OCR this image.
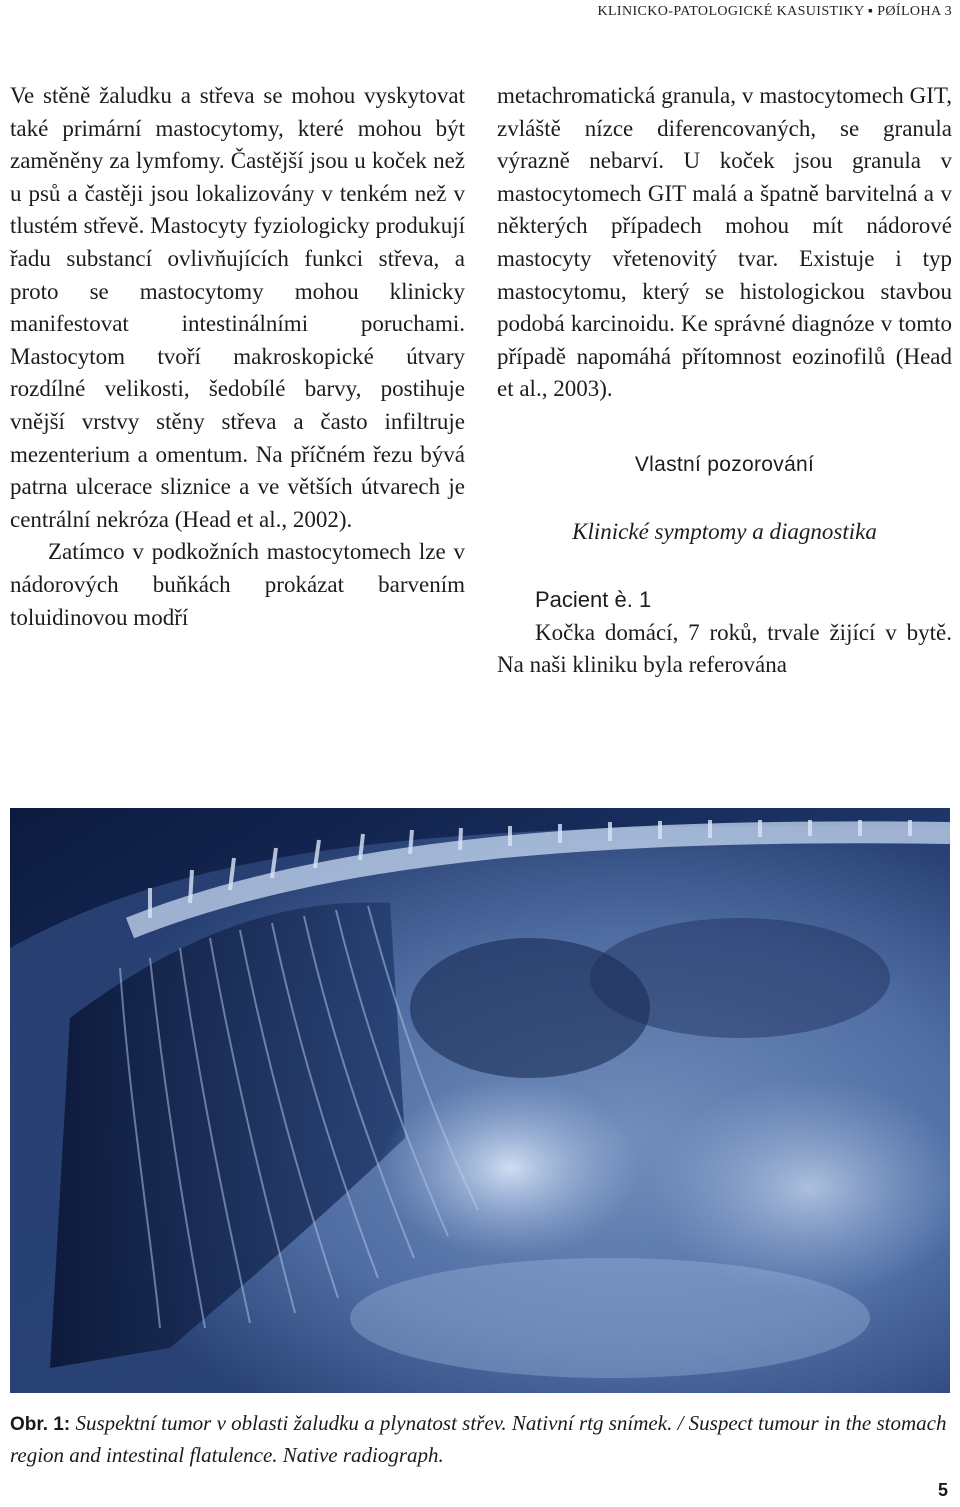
KLINICKO-PATOLOGICKÉ KASUISTIKY ▪ PØÍLOHA 3

Ve stěně žaludku a střeva se mohou vyskytovat také primární mastocytomy, které mohou být zaměněny za lymfomy. Častější jsou u koček než u psů a častěji jsou lokalizovány v tenkém než v tlustém střevě. Mastocyty fyziologicky produkují řadu substancí ovlivňujících funkci střeva, a proto se mastocytomy mohou klinicky manifestovat intestinálními poruchami. Mastocytom tvoří makroskopické útvary rozdílné velikosti, šedobílé barvy, postihuje vnější vrstvy stěny střeva a často infiltruje mezenterium a omentum. Na příčném řezu bývá patrna ulcerace sliznice a ve větších útvarech je centrální nekróza (Head et al., 2002).

Zatímco v podkožních mastocytomech lze v nádorových buňkách prokázat barvením toluidinovou modří

metachromatická granula, v mastocytomech GIT, zvláště nízce diferencovaných, se granula výrazně nebarví. U koček jsou granula v mastocytomech GIT malá a špatně barvitelná a v některých případech mohou mít nádorové mastocyty vřetenovitý tvar. Existuje i typ mastocytomu, který se histologickou stavbou podobá karcinoidu. Ke správné diagnóze v tomto případě napomáhá přítomnost eozinofilů (Head et al., 2003).

Vlastní pozorování
Klinické symptomy a diagnostika
Pacient è. 1

Kočka domácí, 7 roků, trvale žijící v bytě. Na naši kliniku byla referována

Obr. 1: Suspektní tumor v oblasti žaludku a plynatost střev. Nativní rtg snímek. / Suspect tumour in the stomach region and intestinal flatulence. Native radiograph.
5
